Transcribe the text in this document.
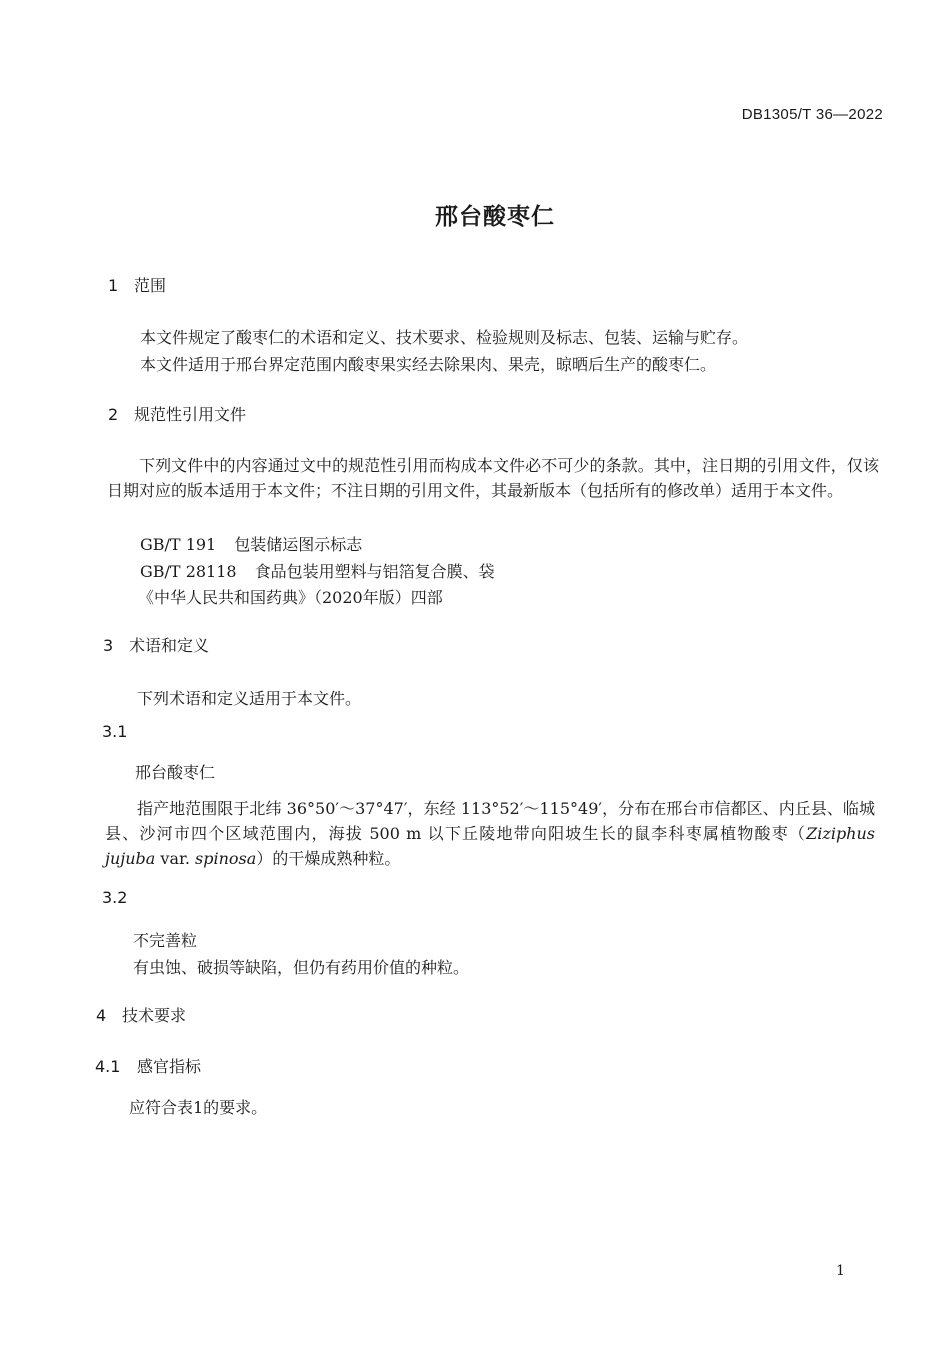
DB1305/T 36—2022
邢台酸枣仁
1 范围
本文件规定了酸枣仁的术语和定义、技术要求、检验规则及标志、包装、运输与贮存。
本文件适用于邢台界定范围内酸枣果实经去除果肉、果壳，晾晒后生产的酸枣仁。
2 规范性引用文件
下列文件中的内容通过文中的规范性引用而构成本文件必不可少的条款。其中，注日期的引用文件，仅该日期对应的版本适用于本文件；不注日期的引用文件，其最新版本（包括所有的修改单）适用于本文件。
GB/T 191 包装储运图示标志
GB/T 28118 食品包装用塑料与铝箔复合膜、袋
《中华人民共和国药典》（2020年版）四部
3 术语和定义
下列术语和定义适用于本文件。
3.1
邢台酸枣仁
指产地范围限于北纬 36°50′～37°47′，东经 113°52′～115°49′，分布在邢台市信都区、内丘县、临城县、沙河市四个区域范围内，海拔 500 m 以下丘陵地带向阳坡生长的鼠李科枣属植物酸枣（Ziziphus jujuba var. spinosa）的干燥成熟种粒。
3.2
不完善粒
有虫蚀、破损等缺陷，但仍有药用价值的种粒。
4 技术要求
4.1 感官指标
应符合表1的要求。
1
